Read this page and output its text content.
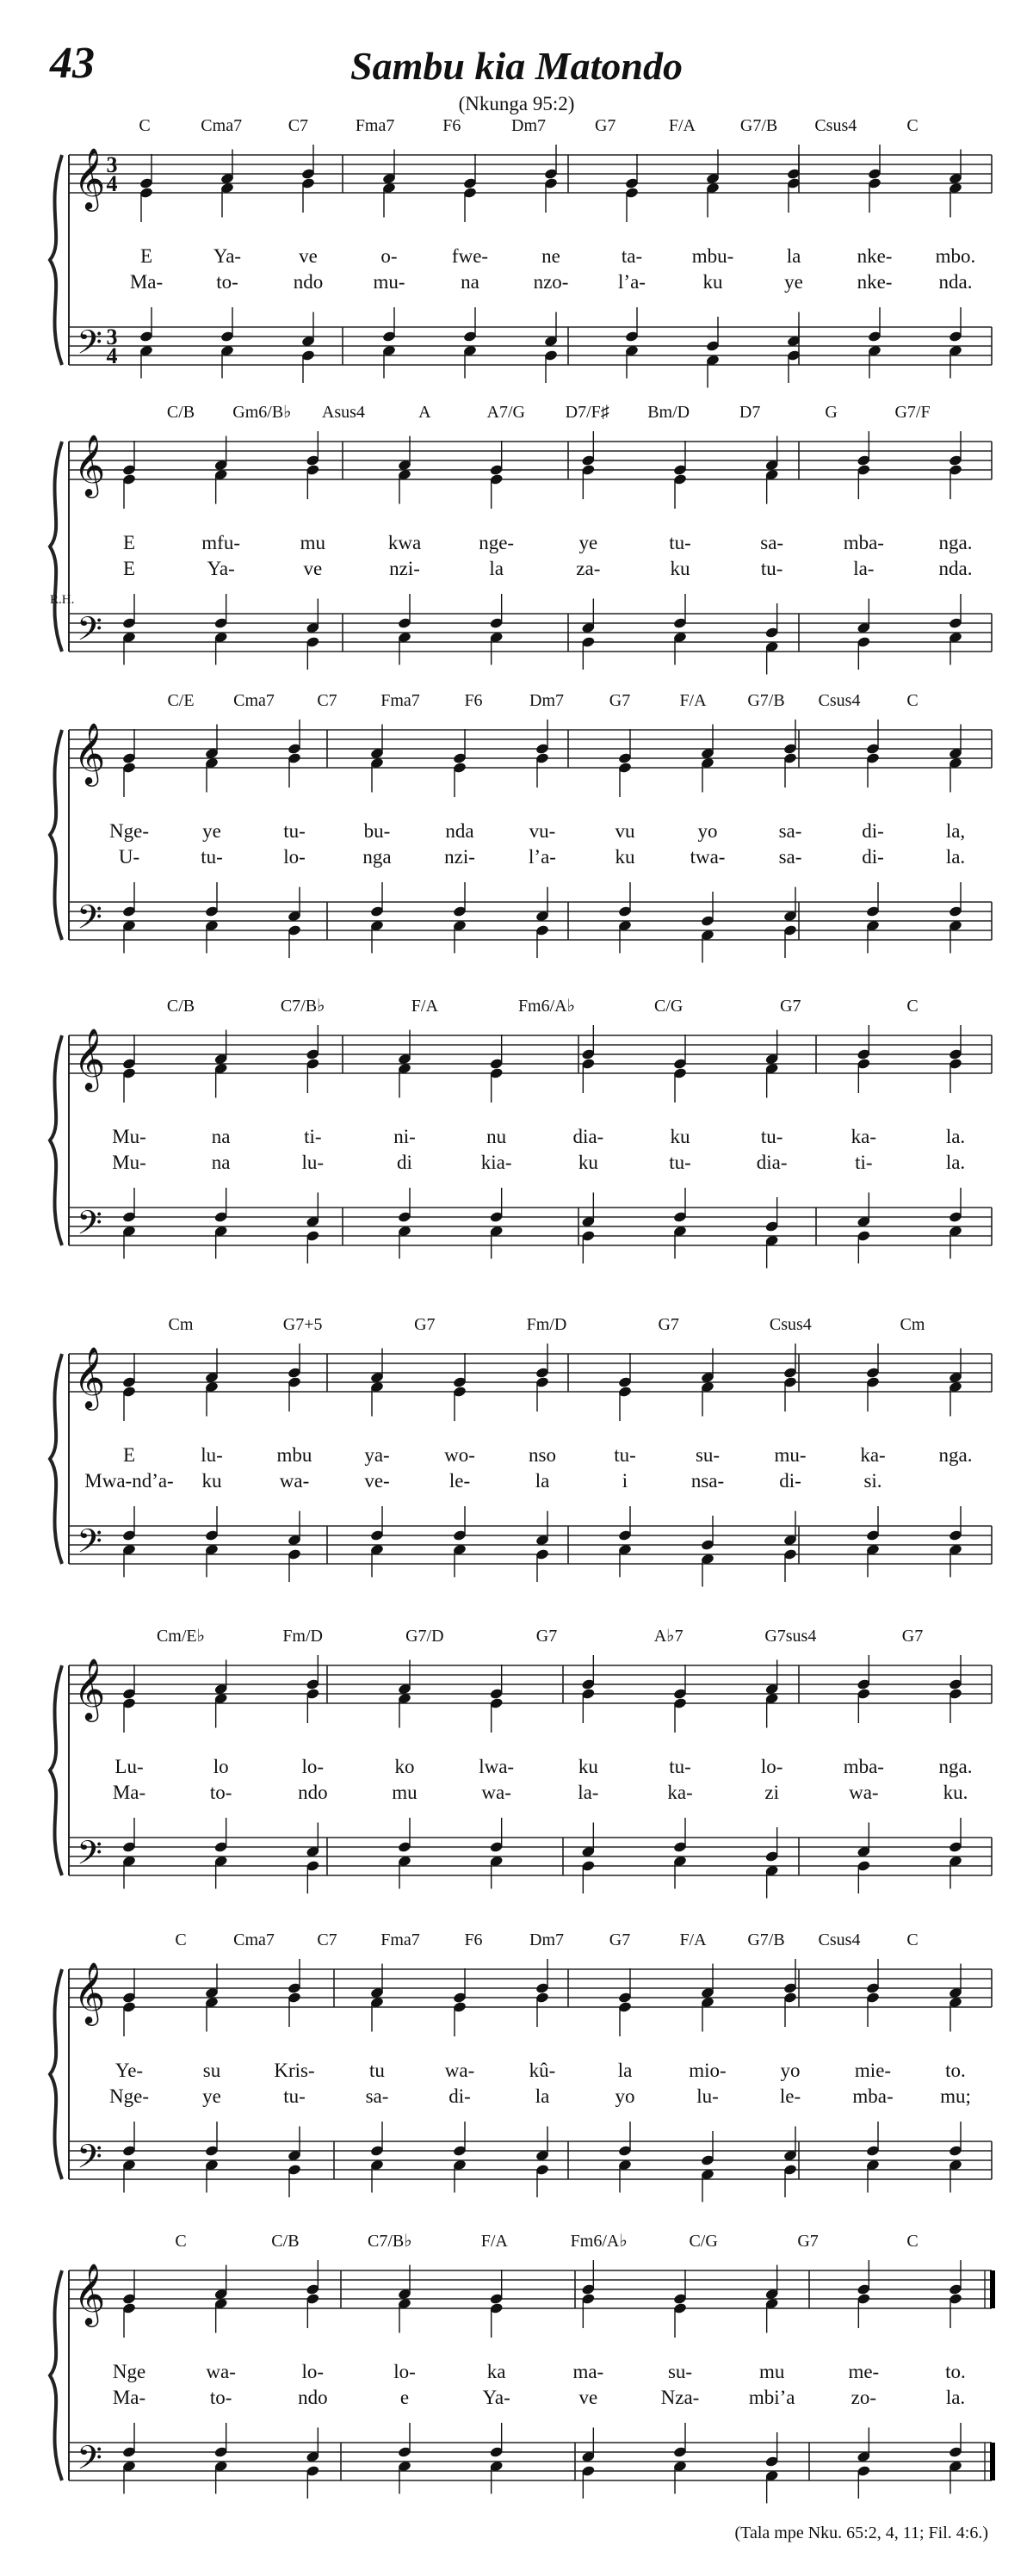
43	Sambu kia Matondo
(Nkunga 95:2)
𝄞
𝄢
3
4
3
4
C	Cma7	C7	Fma7	F6	Dm7	G7	F/A	G7/B Csus4	C
E	Ya-	ve	o-	fwe-	ne	ta-	mbu-	la	nke- mbo.
Ma-	to-	ndo	mu-	na	nzo-	l’a-	ku	ye	nke- nda.
𝄞
𝄢
C/B Gm6/B♭ Asus4	A	A7/G D7/F♯ Bm/D	D7	G	G7/F
E	mfu-	mu	kwa	nge-	ye	tu-	sa-	mba-	nga.
E	Ya-	ve	nzi-	la	za-	ku	tu-	la-	nda.
R.H.
𝄞
𝄢
C/E Cma7 C7	Fma7	F6	Dm7	G7	F/A G7/B Csus4	C
Nge-	ye	tu-	bu-	nda	vu-	vu	yo	sa-	di-	la,
U-	tu-	lo-	nga	nzi-	l’a-	ku	twa-	sa-	di-	la.
𝄞
𝄢
C/B	C7/B♭	F/A	Fm6/A♭	C/G	G7	C
Mu-	na	ti-	ni-	nu	dia-	ku	tu-	ka-	la.
Mu-	na	lu-	di	kia-	ku	tu-	dia-	ti-	la.
𝄞
𝄢
Cm	G7+5	G7	Fm/D	G7	Csus4	Cm
E	lu-	mbu	ya-	wo-	nso	tu-	su-	mu-	ka-	nga.
Mwa-nd’a- ku	wa-	ve-	le-	la	i	nsa-	di-	si.
𝄞
𝄢
Cm/E♭	Fm/D	G7/D	G7	A♭7	G7sus4	G7
Lu-	lo	lo-	ko	lwa-	ku	tu-	lo-	mba-	nga.
Ma-	to-	ndo	mu	wa-	la-	ka-	zi	wa-	ku.
𝄞
𝄢
C	Cma7 C7	Fma7	F6	Dm7	G7	F/A G7/B Csus4	C
Ye-	su	Kris-	tu	wa-	kû-	la	mio-	yo	mie-	to.
Nge-	ye	tu-	sa-	di-	la	yo	lu-	le-	mba- mu;
𝄞
𝄢
C	C/B	C7/B♭	F/A	Fm6/A♭	C/G	G7	C
Nge	wa-	lo-	lo-	ka	ma-	su-	mu	me-	to.
Ma-	to-	ndo	e	Ya-	ve	Nza- mbi’a	zo-	la.
(Tala mpe Nku. 65:2, 4, 11; Fil. 4:6.)
